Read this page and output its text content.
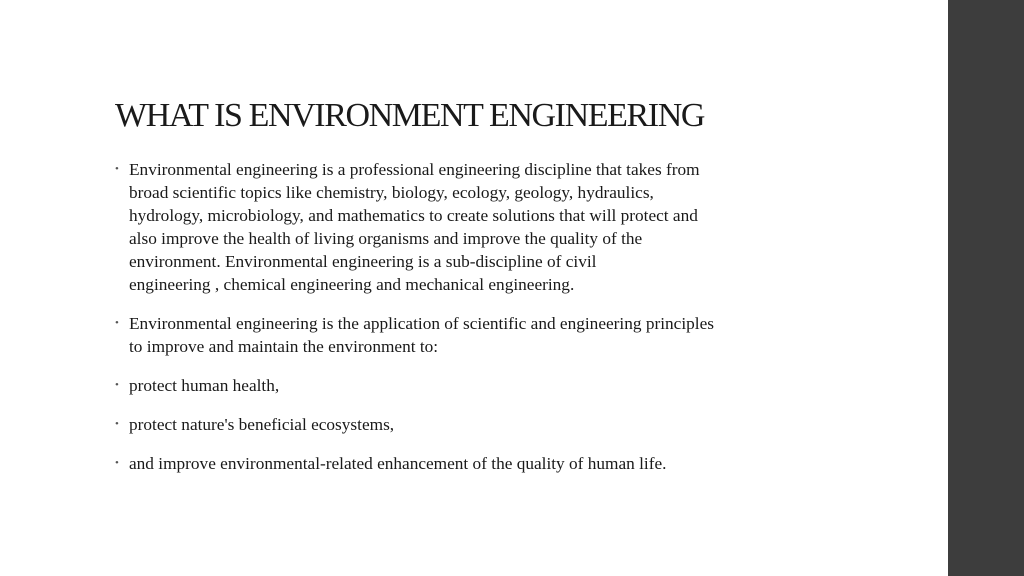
WHAT IS ENVIRONMENT ENGINEERING
• Environmental engineering is a professional engineering discipline that takes from
broad scientific topics like chemistry, biology, ecology, geology, hydraulics,
hydrology, microbiology, and mathematics to create solutions that will protect and
also improve the health of living organisms and improve the quality of the
environment. Environmental engineering is a sub-discipline of civil
engineering , chemical engineering and mechanical engineering.
• Environmental engineering is the application of scientific and engineering principles
to improve and maintain the environment to:
• protect human health,
• protect nature's beneficial ecosystems,
• and improve environmental-related enhancement of the quality of human life.
